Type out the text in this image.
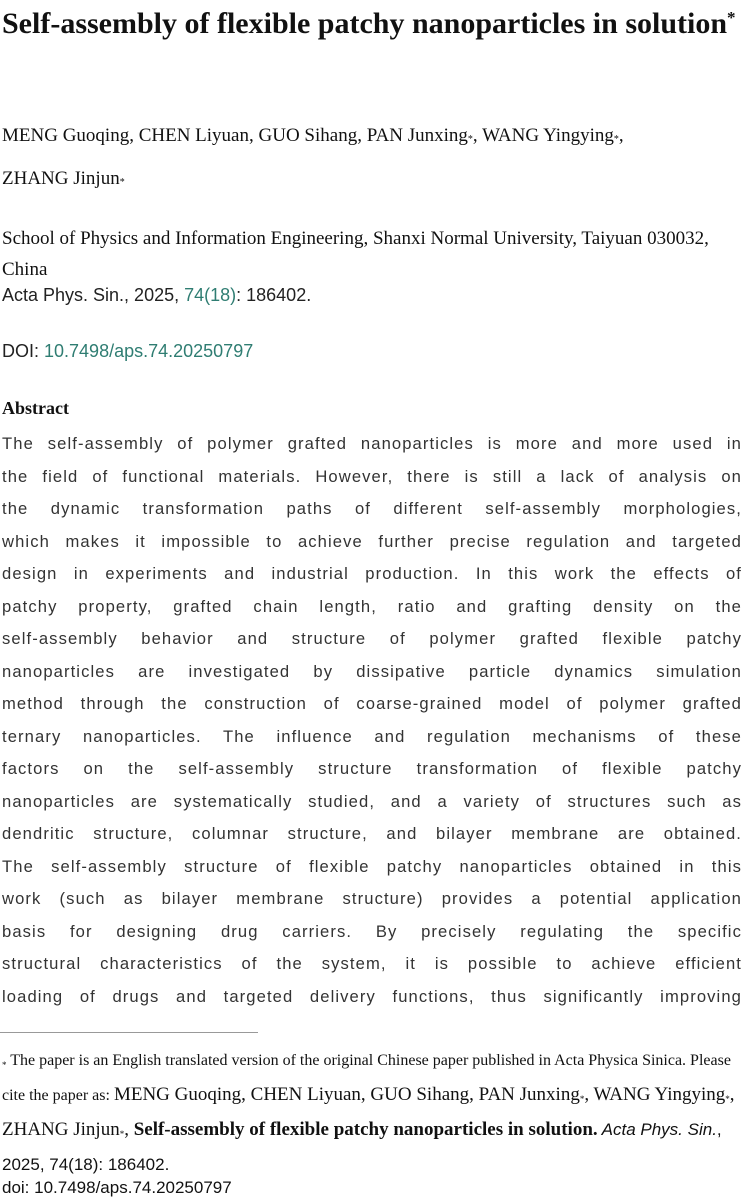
Self-assembly of flexible patchy nanoparticles in solution*
MENG Guoqing, CHEN Liyuan, GUO Sihang, PAN Junxing*, WANG Yingying*,
ZHANG Jinjun*
School of Physics and Information Engineering, Shanxi Normal University, Taiyuan 030032, China
Acta Phys. Sin., 2025, 74(18): 186402.
DOI: 10.7498/aps.74.20250797
Abstract
The self-assembly of polymer grafted nanoparticles is more and more used in
the field of functional materials. However, there is still a lack of analysis on
the dynamic transformation paths of different self-assembly morphologies,
which makes it impossible to achieve further precise regulation and targeted
design in experiments and industrial production. In this work the effects of
patchy property, grafted chain length, ratio and grafting density on the
self-assembly behavior and structure of polymer grafted flexible patchy
nanoparticles are investigated by dissipative particle dynamics simulation
method through the construction of coarse-grained model of polymer grafted
ternary nanoparticles. The influence and regulation mechanisms of these
factors on the self-assembly structure transformation of flexible patchy
nanoparticles are systematically studied, and a variety of structures such as
dendritic structure, columnar structure, and bilayer membrane are obtained.
The self-assembly structure of flexible patchy nanoparticles obtained in this
work (such as bilayer membrane structure) provides a potential application
basis for designing drug carriers. By precisely regulating the specific
structural characteristics of the system, it is possible to achieve efficient
loading of drugs and targeted delivery functions, thus significantly improving
* The paper is an English translated version of the original Chinese paper published in Acta Physica Sinica. Please cite the paper as: MENG Guoqing, CHEN Liyuan, GUO Sihang, PAN Junxing*, WANG Yingying*, ZHANG Jinjun*, Self-assembly of flexible patchy nanoparticles in solution. Acta Phys. Sin., 2025, 74(18): 186402.
doi: 10.7498/aps.74.20250797
